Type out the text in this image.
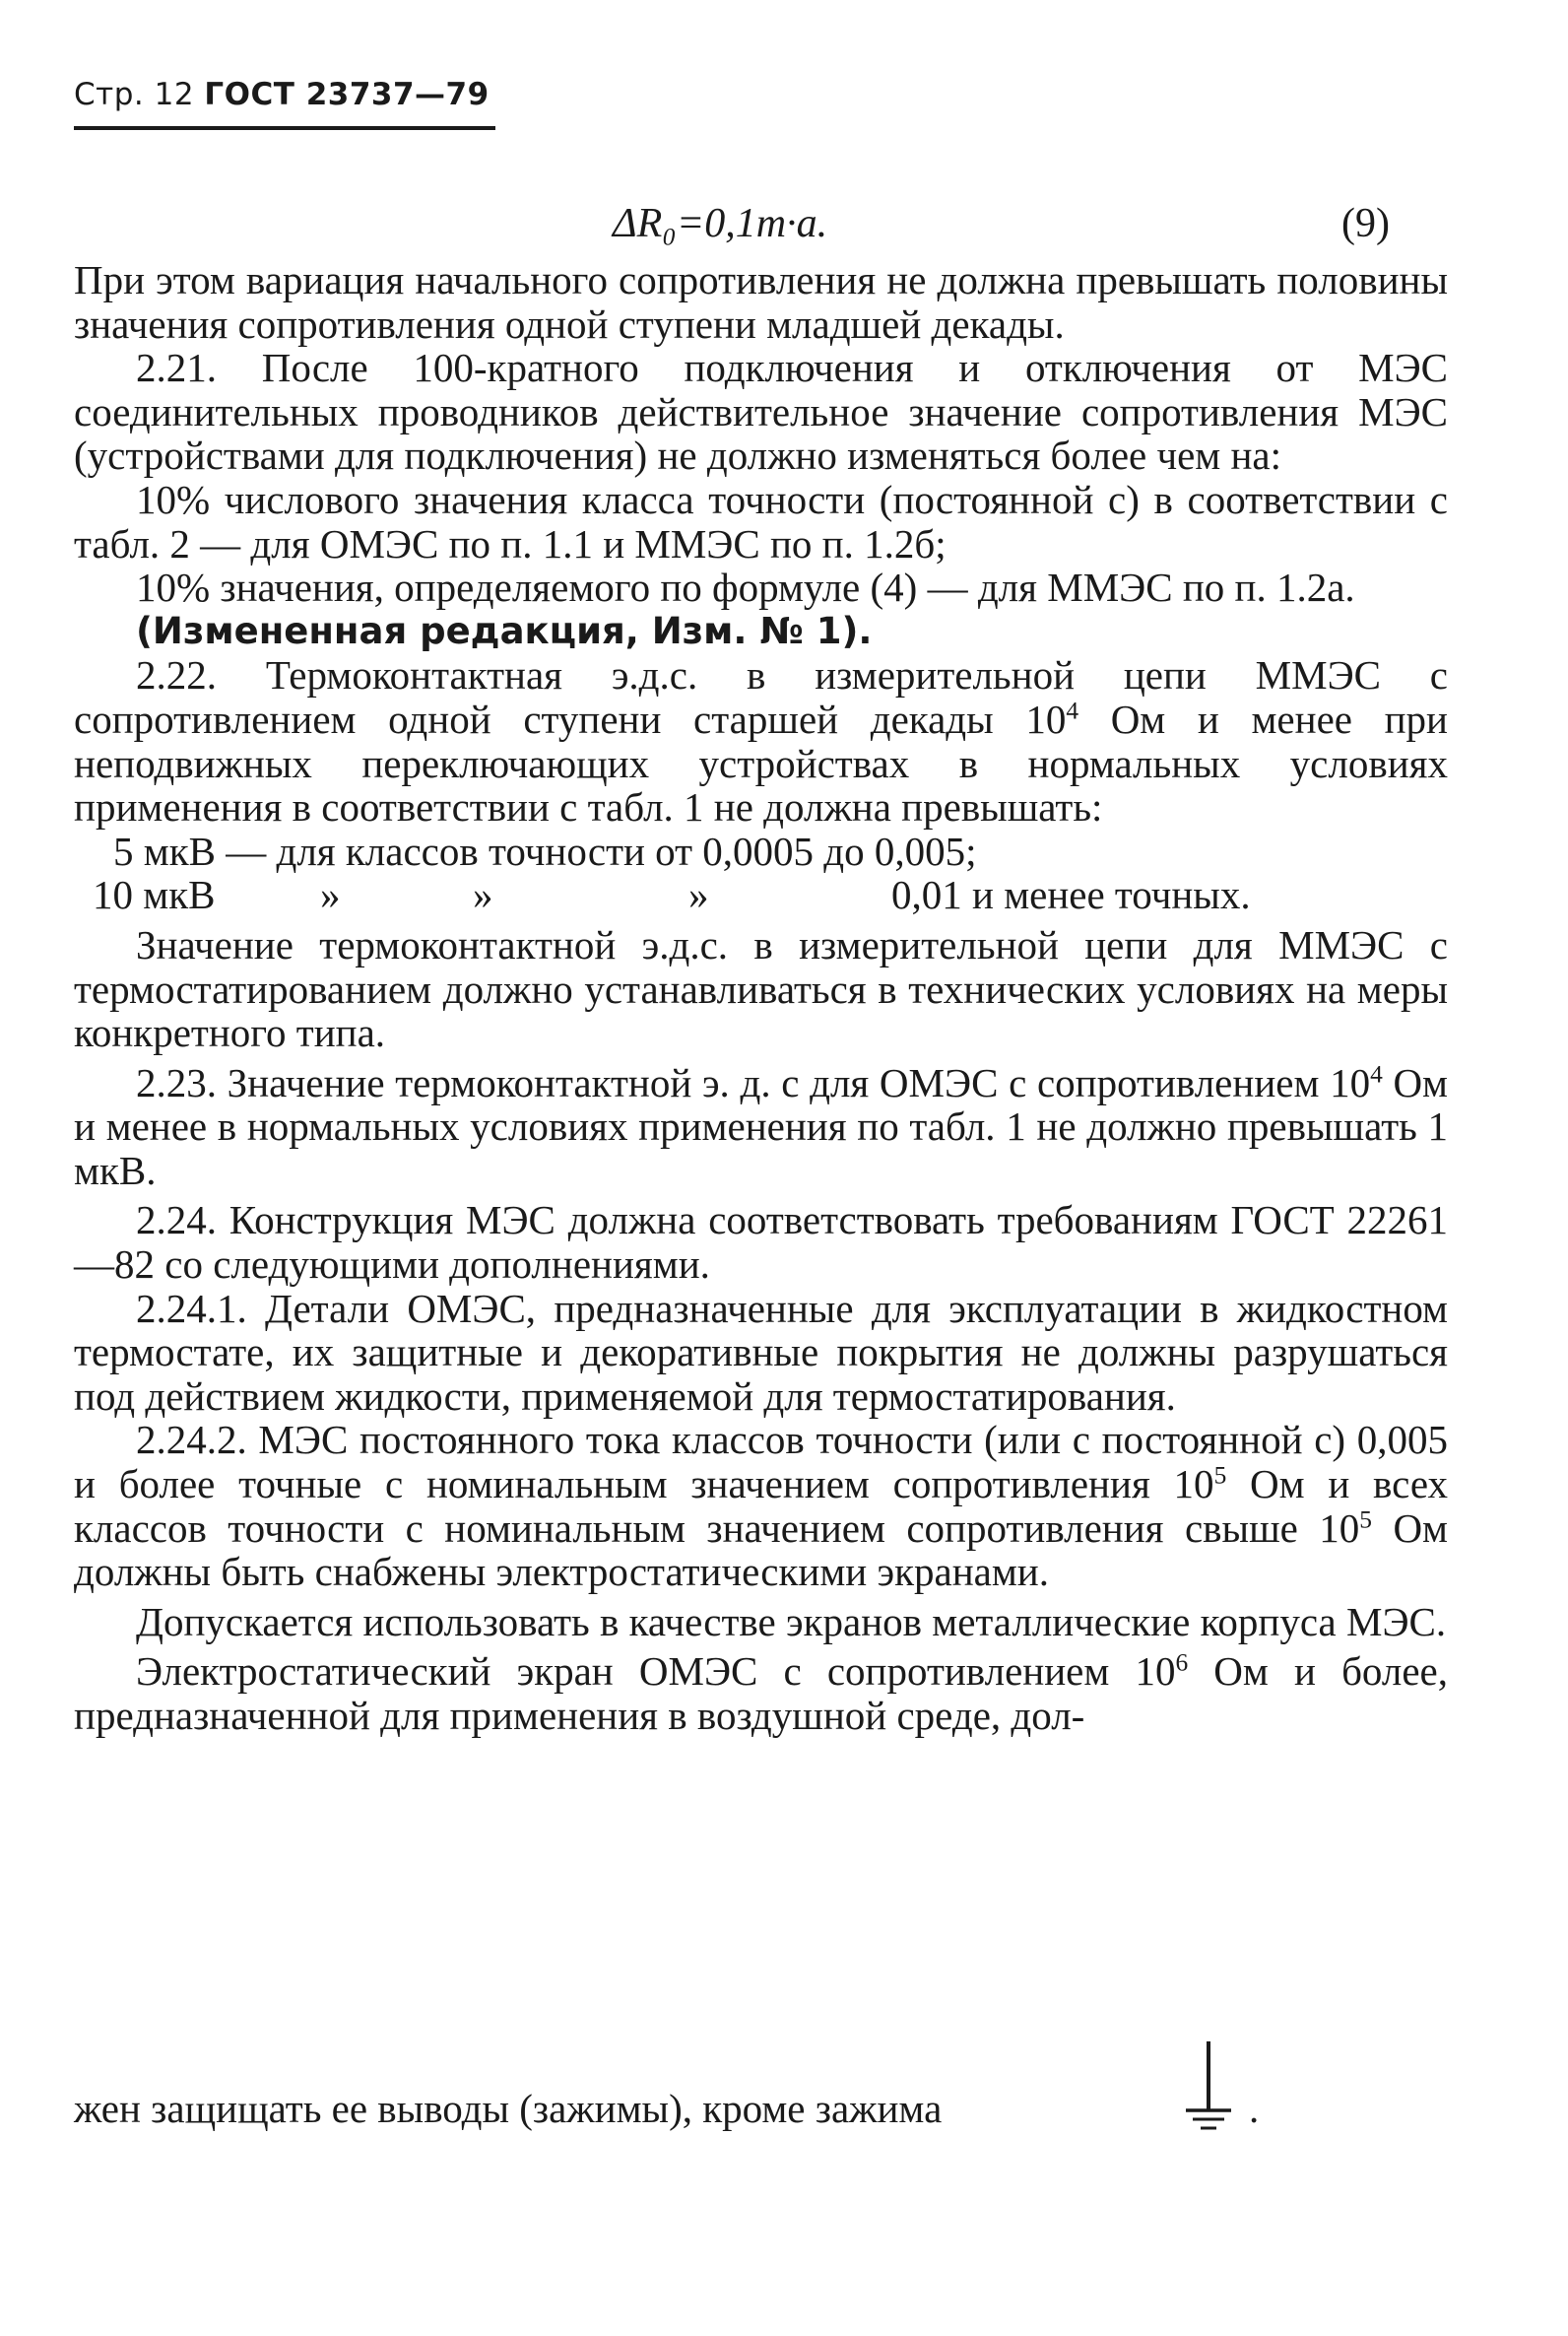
Стр. 12 ГОСТ 23737—79
ΔR₀=0,1m·a.	(9)

При этом вариация начального сопротивления не должна превышать половины значения сопротивления одной ступени младшей декады.

2.21. После 100-кратного подключения и отключения от МЭС соединительных проводников действительное значение сопротивления МЭС (устройствами для подключения) не должно изменяться более чем на:

10% числового значения класса точности (постоянной c) в соответствии с табл. 2 — для ОМЭС по п. 1.1 и ММЭС по п. 1.2б;

10% значения, определяемого по формуле (4) — для ММЭС по п. 1.2а.

(Измененная редакция, Изм. № 1).

2.22. Термоконтактная э.д.с. в измерительной цепи ММЭС с сопротивлением одной ступени старшей декады $10^4$ Ом и менее при неподвижных переключающих устройствах в нормальных условиях применения в соответствии с табл. 1 не должна превышать:

5 мкВ — для классов точности от 0,0005 до 0,005;
10 мкВ	»	»	»	0,01 и менее точных.

Значение термоконтактной э.д.с. в измерительной цепи для ММЭС с термостатированием должно устанавливаться в технических условиях на меры конкретного типа.

2.23. Значение термоконтактной э. д. с для ОМЭС с сопротивлением $10^4$ Ом и менее в нормальных условиях применения по табл. 1 не должно превышать 1 мкВ.

2.24. Конструкция МЭС должна соответствовать требованиям ГОСТ 22261—82 со следующими дополнениями.

2.24.1. Детали ОМЭС, предназначенные для эксплуатации в жидкостном термостате, их защитные и декоративные покрытия не должны разрушаться под действием жидкости, применяемой для термостатирования.

2.24.2. МЭС постоянного тока классов точности (или с постоянной c) 0,005 и более точные с номинальным значением сопротивления $10^5$ Ом и всех классов точности с номинальным значением сопротивления свыше $10^5$ Ом должны быть снабжены электростатическими экранами.

Допускается использовать в качестве экранов металлические корпуса МЭС.

Электростатический экран ОМЭС с сопротивлением $10^6$ Ом и более, предназначенной для применения в воздушной среде, дол-

жен защищать ее выводы (зажимы), кроме зажима	.
